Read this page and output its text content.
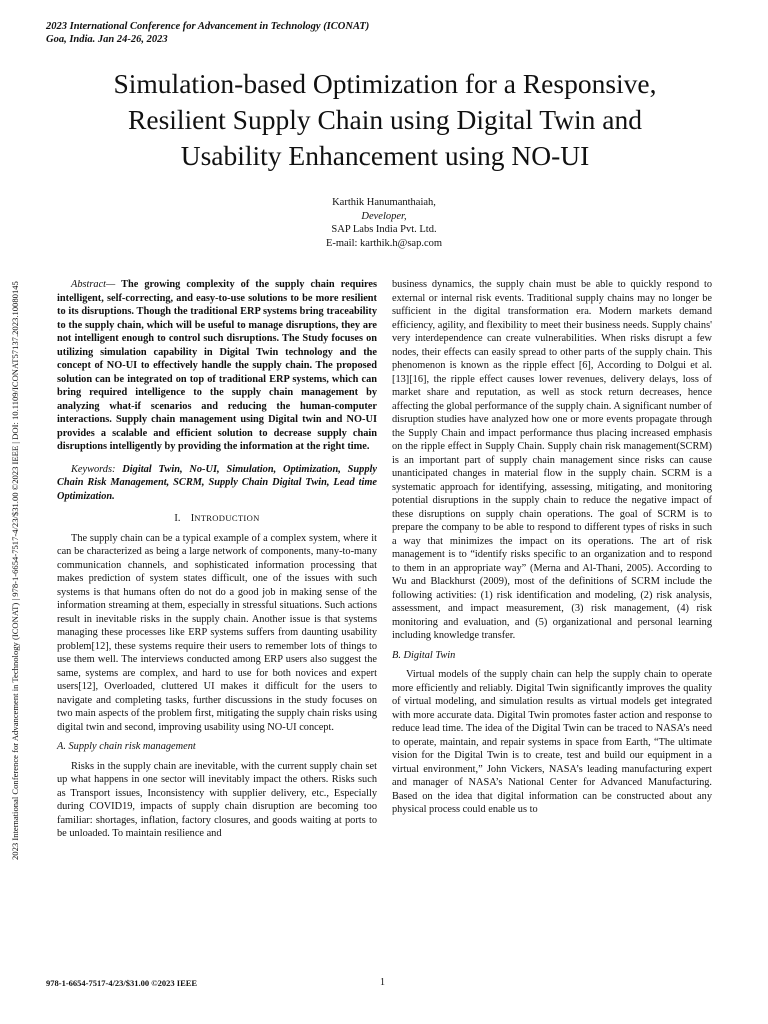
2023 International Conference for Advancement in Technology (ICONAT)
Goa, India. Jan 24-26, 2023
2023 International Conference for Advancement in Technology (ICONAT) | 978-1-6654-7517-4/23/$31.00 ©2023 IEEE | DOI: 10.1109/ICONAT57137.2023.10080145
Simulation-based Optimization for a Responsive,
Resilient Supply Chain using Digital Twin and
Usability Enhancement using NO-UI
Karthik Hanumanthaiah,
Developer,
SAP Labs India Pvt. Ltd.
E-mail: karthik.h@sap.com

Abstract— The growing complexity of the supply chain requires intelligent, self-correcting, and easy-to-use solutions to be more resilient to its disruptions. Though the traditional ERP systems bring traceability to the supply chain, which will be useful to manage disruptions, they are not intelligent enough to control such disruptions. The Study focuses on utilizing simulation capability in Digital Twin technology and the concept of NO-UI to effectively handle the supply chain. The proposed solution can be integrated on top of traditional ERP systems, which can bring required intelligence to the supply chain management by analyzing what-if scenarios and reducing the human-computer interactions. Supply chain management using Digital twin and NO-UI provides a scalable and efficient solution to decrease supply chain disruptions intelligently by providing the information at the right time.

Keywords: Digital Twin, No-UI, Simulation, Optimization, Supply Chain Risk Management, SCRM, Supply Chain Digital Twin, Lead time Optimization.

I. INTRODUCTION

The supply chain can be a typical example of a complex system, where it can be characterized as being a large network of components, many-to-many communication channels, and sophisticated information processing that makes prediction of system states difficult, one of the issues with such systems is that humans often do not do a good job in making sense of the information streaming at them, especially in stressful situations. Such actions result in inevitable risks in the supply chain. Another issue is that systems managing these processes like ERP systems suffers from daunting usability problem[12], these systems require their users to remember lots of things to use them well. The interviews conducted among ERP users also suggest the same, systems are complex, and hard to use for both novices and expert users[12], Overloaded, cluttered UI makes it difficult for the users to navigate and completing tasks, further discussions in the study focuses on two main aspects of the problem first, mitigating the supply chain risks using digital twin and second, improving usability using NO-UI concept.

A. Supply chain risk management

Risks in the supply chain are inevitable, with the current supply chain set up what happens in one sector will inevitably impact the others. Risks such as Transport issues, Inconsistency with supplier delivery, etc., Especially during COVID19, impacts of supply chain disruption are becoming too familiar: shortages, inflation, factory closures, and goods waiting at ports to be unloaded. To maintain resilience and

business dynamics, the supply chain must be able to quickly respond to external or internal risk events. Traditional supply chains may no longer be sufficient in the digital transformation era. Modern markets demand efficiency, agility, and flexibility to meet their business needs. Supply chains' very interdependence can create vulnerabilities. When risks disrupt a few nodes, their effects can easily spread to other parts of the supply chain. This phenomenon is known as the ripple effect [6], According to Dolgui et al. [13][16], the ripple effect causes lower revenues, delivery delays, loss of market share and reputation, as well as stock return decreases, hence affecting the global performance of the supply chain. A significant number of disruption studies have analyzed how one or more events propagate through the Supply Chain and impact performance thus placing increased emphasis on the ripple effect in Supply Chain. Supply chain risk management(SCRM) is an important part of supply chain management since risks can cause unanticipated changes in material flow in the supply chain. SCRM is a systematic approach for identifying, assessing, mitigating, and monitoring potential disruptions in the supply chain to reduce the negative impact of these disruptions on supply chain operations. The goal of SCRM is to prepare the company to be able to respond to different types of risks in such a way that minimizes the impact on its operations. The art of risk management is to “identify risks specific to an organization and to respond to them in an appropriate way” (Merna and Al-Thani, 2005). According to Wu and Blackhurst (2009), most of the definitions of SCRM include the following activities: (1) risk identification and modeling, (2) risk analysis, assessment, and impact measurement, (3) risk management, (4) risk monitoring and evaluation, and (5) organizational and personal learning including knowledge transfer.

B. Digital Twin

Virtual models of the supply chain can help the supply chain to operate more efficiently and reliably. Digital Twin significantly improves the quality of virtual modeling, and simulation results as virtual models get integrated with more accurate data. Digital Twin promotes faster action and response to reduce lead time. The idea of the Digital Twin can be traced to NASA’s need to operate, maintain, and repair systems in space from Earth, “The ultimate vision for the Digital Twin is to create, test and build our equipment in a virtual environment,” John Vickers, NASA’s leading manufacturing expert and manager of NASA’s National Center for Advanced Manufacturing. Based on the idea that digital information can be constructed about any physical process could enable us to

978-1-6654-7517-4/23/$31.00 ©2023 IEEE	1
